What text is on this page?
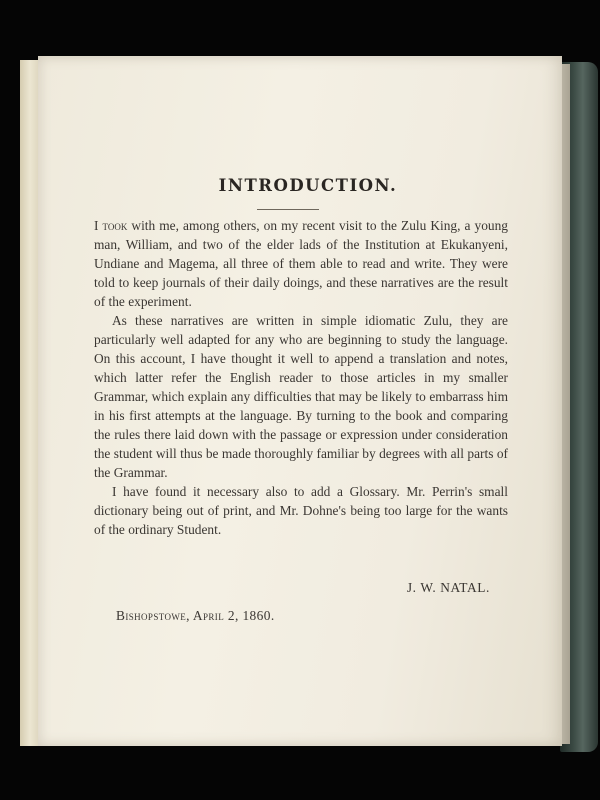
INTRODUCTION.

I took with me, among others, on my recent visit to the Zulu King, a young man, William, and two of the elder lads of the Institution at Ekukanyeni, Undiane and Magema, all three of them able to read and write. They were told to keep journals of their daily doings, and these narratives are the result of the experiment.

As these narratives are written in simple idiomatic Zulu, they are particularly well adapted for any who are beginning to study the language. On this account, I have thought it well to append a translation and notes, which latter refer the English reader to those articles in my smaller Grammar, which explain any difficulties that may be likely to embarrass him in his first attempts at the language. By turning to the book and comparing the rules there laid down with the passage or expression under consideration the student will thus be made thoroughly familiar by degrees with all parts of the Grammar.

I have found it necessary also to add a Glossary. Mr. Perrin's small dictionary being out of print, and Mr. Dohne's being too large for the wants of the ordinary Student.

J. W. NATAL.
Bishopstowe, April 2, 1860.
